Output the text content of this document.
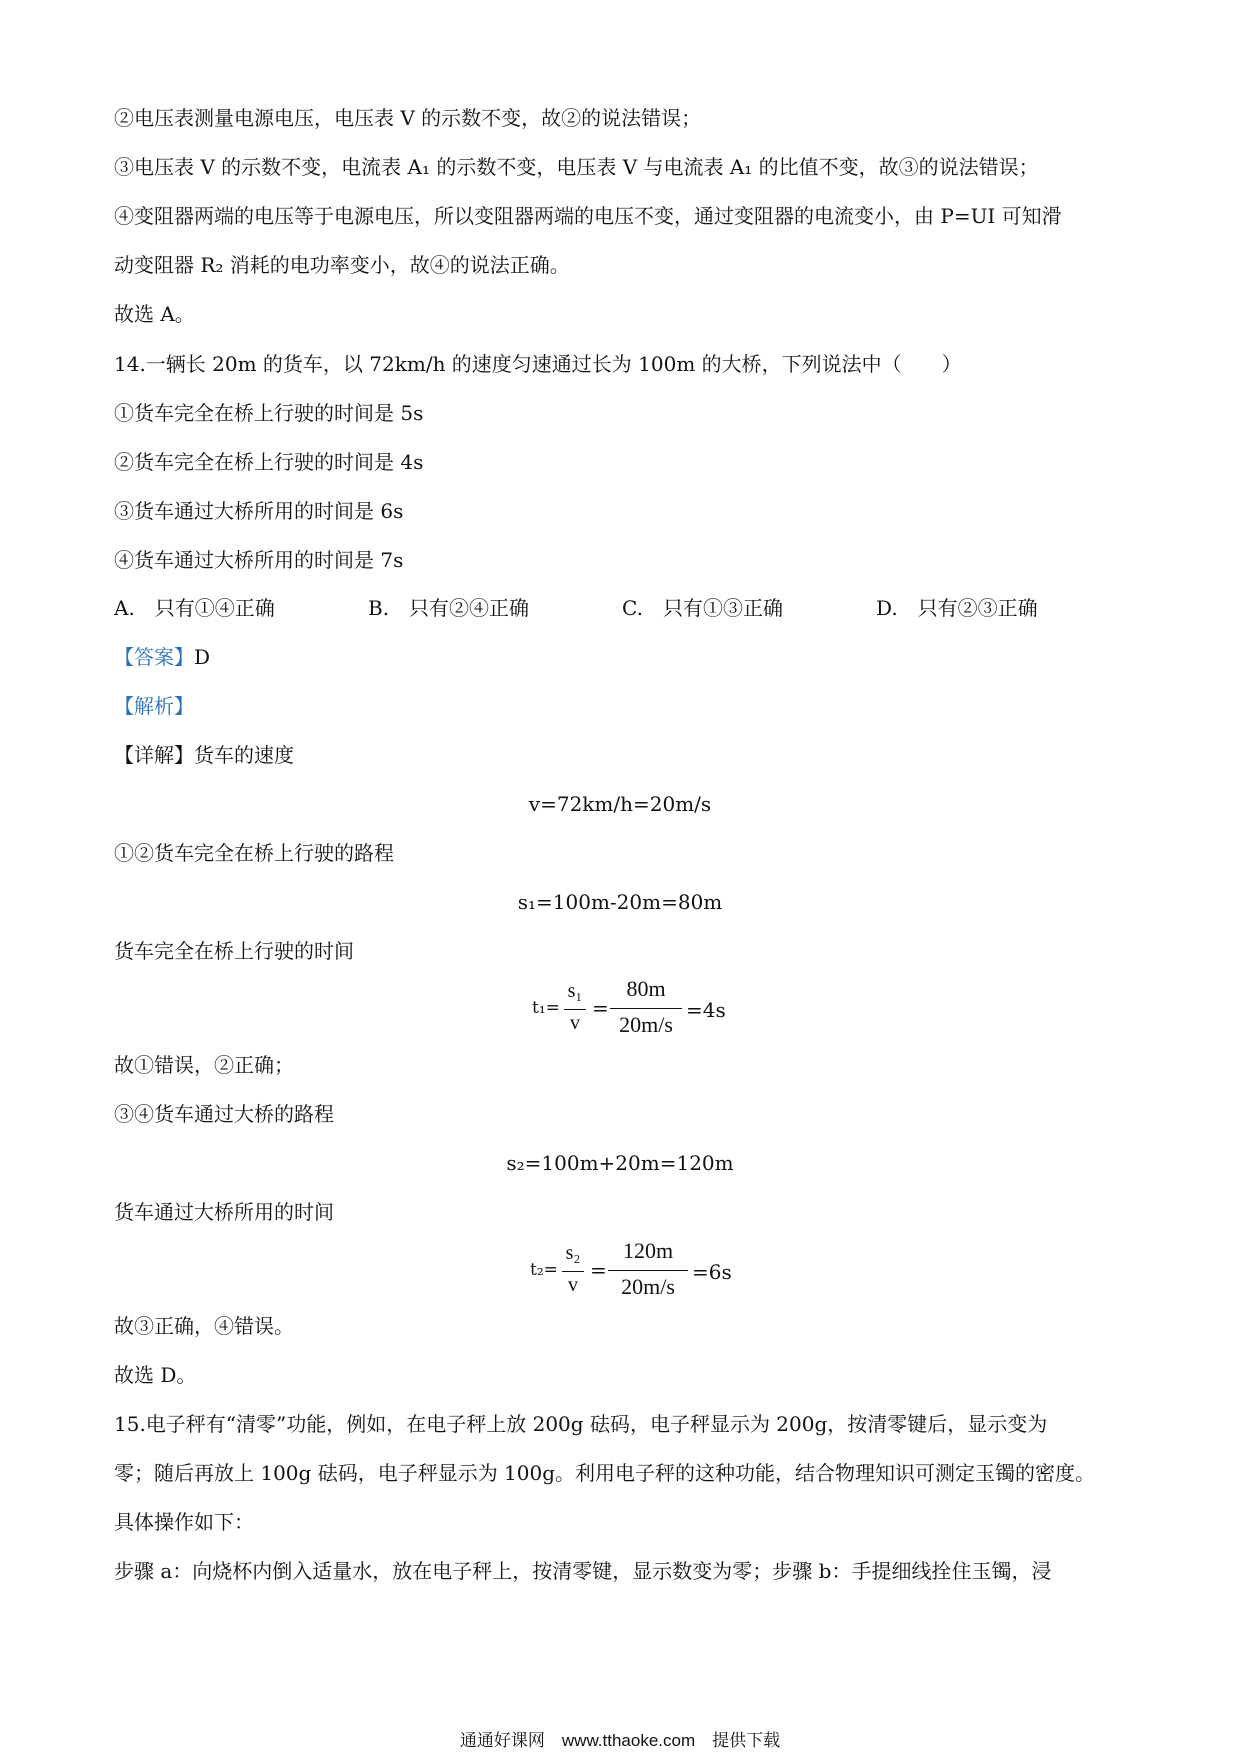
②电压表测量电源电压，电压表 V 的示数不变，故②的说法错误；
③电压表 V 的示数不变，电流表 A₁ 的示数不变，电压表 V 与电流表 A₁ 的比值不变，故③的说法错误；
④变阻器两端的电压等于电源电压，所以变阻器两端的电压不变，通过变阻器的电流变小，由 P=UI 可知滑
动变阻器 R₂ 消耗的电功率变小，故④的说法正确。
故选 A。
14.一辆长 20m 的货车，以 72km/h 的速度匀速通过长为 100m 的大桥，下列说法中（　　）
①货车完全在桥上行驶的时间是 5s
②货车完全在桥上行驶的时间是 4s
③货车通过大桥所用的时间是 6s
④货车通过大桥所用的时间是 7s
A.　只有①④正确	B.　只有②④正确	C.　只有①③正确	D.　只有②③正确
【答案】D
【解析】
【详解】货车的速度
v=72km/h=20m/s
①②货车完全在桥上行驶的路程
s₁=100m-20m=80m
货车完全在桥上行驶的时间
t₁=
s₁
v
=
80m
20m/s
=4s
故①错误，②正确；
③④货车通过大桥的路程
s₂=100m+20m=120m
货车通过大桥所用的时间
t₂=
s₂
v
=
120m
20m/s
=6s
故③正确，④错误。
故选 D。
15.电子秤有“清零”功能，例如，在电子秤上放 200g 砝码，电子秤显示为 200g，按清零键后，显示变为
零；随后再放上 100g 砝码，电子秤显示为 100g。利用电子秤的这种功能，结合物理知识可测定玉镯的密度。
具体操作如下：
步骤 a：向烧杯内倒入适量水，放在电子秤上，按清零键，显示数变为零；步骤 b：手提细线拴住玉镯，浸
通通好课网　www.tthaoke.com　提供下载
